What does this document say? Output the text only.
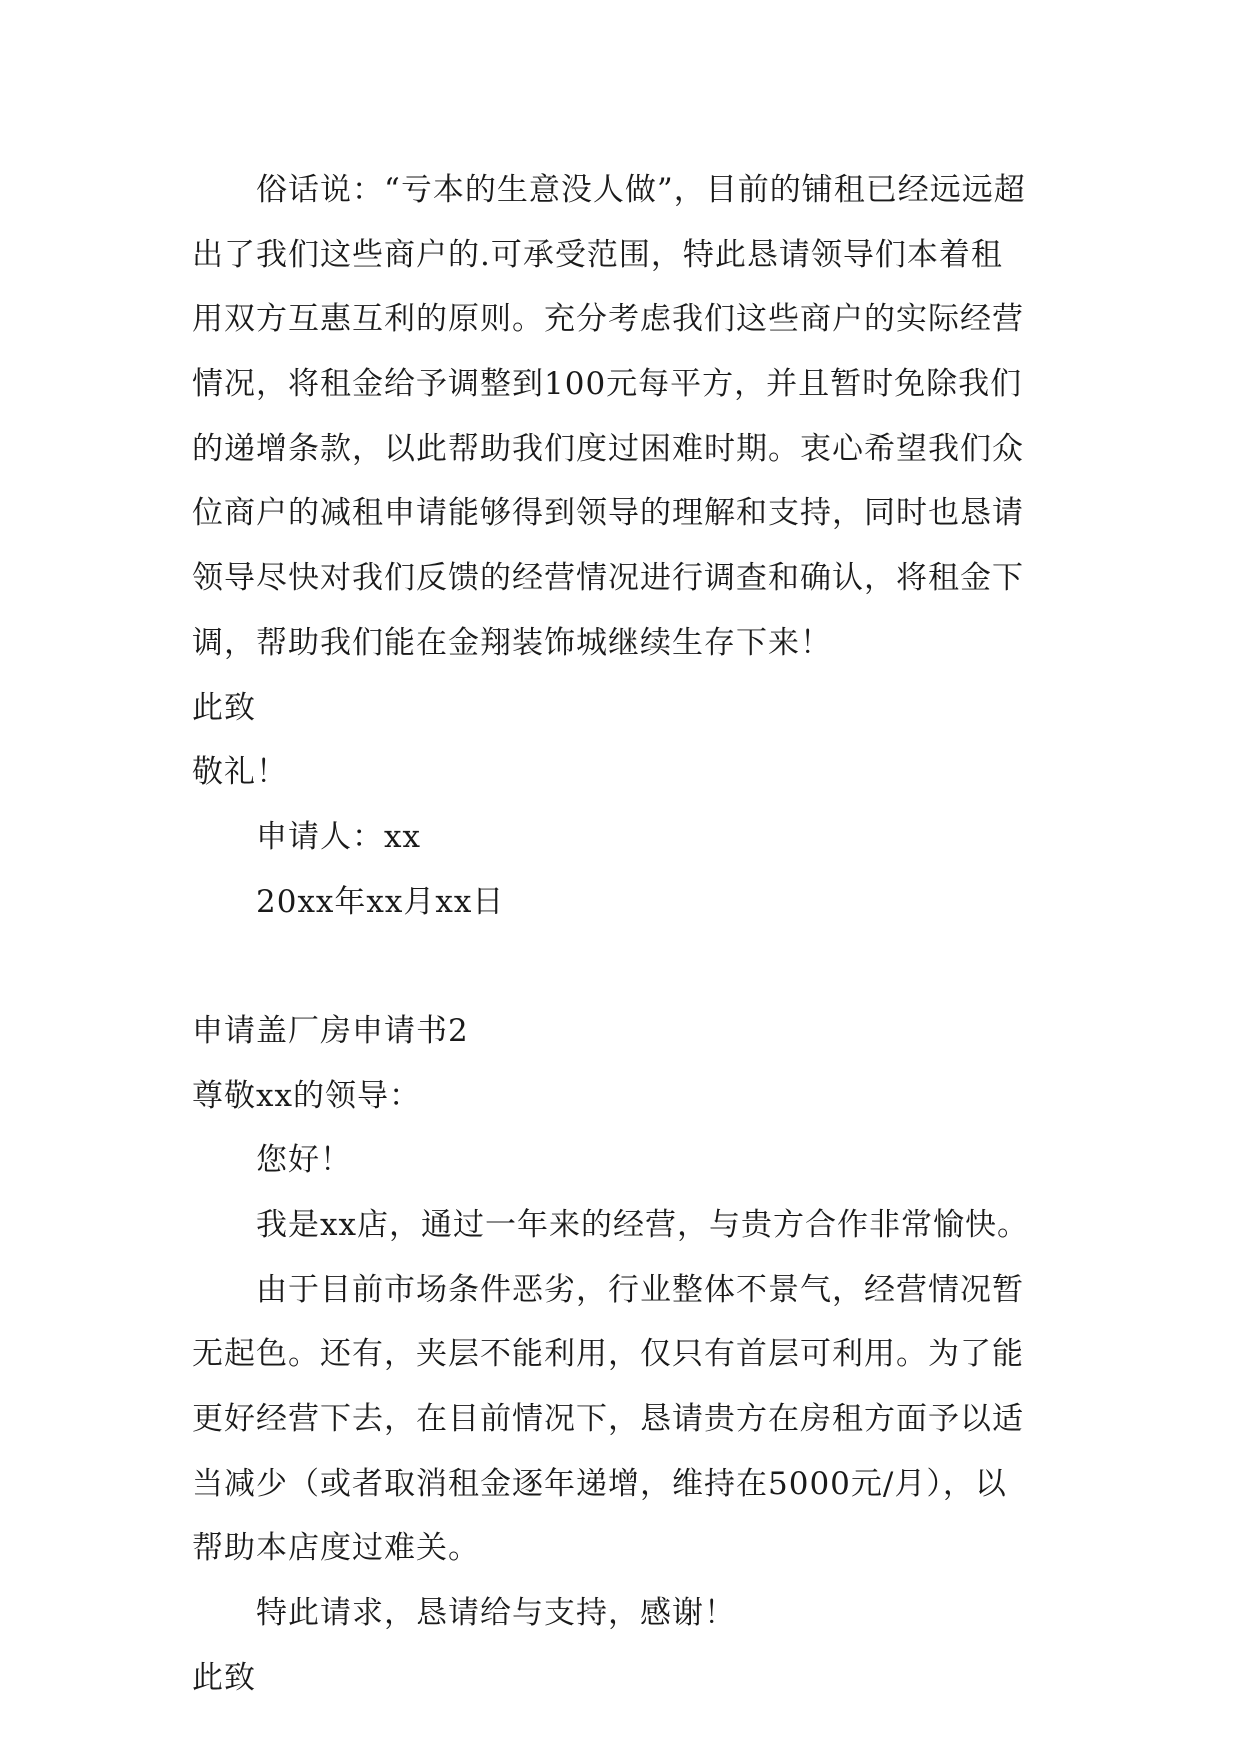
俗话说：“亏本的生意没人做”，目前的铺租已经远远超
出了我们这些商户的.可承受范围，特此恳请领导们本着租
用双方互惠互利的原则。充分考虑我们这些商户的实际经营
情况，将租金给予调整到100元每平方，并且暂时免除我们
的递增条款，以此帮助我们度过困难时期。衷心希望我们众
位商户的减租申请能够得到领导的理解和支持，同时也恳请
领导尽快对我们反馈的经营情况进行调查和确认，将租金下
调，帮助我们能在金翔装饰城继续生存下来！
此致
敬礼！
申请人：xx
20xx年xx月xx日
申请盖厂房申请书2
尊敬xx的领导：
您好！
我是xx店，通过一年来的经营，与贵方合作非常愉快。
由于目前市场条件恶劣，行业整体不景气，经营情况暂
无起色。还有，夹层不能利用，仅只有首层可利用。为了能
更好经营下去，在目前情况下，恳请贵方在房租方面予以适
当减少（或者取消租金逐年递增，维持在5000元/月），以
帮助本店度过难关。
特此请求，恳请给与支持，感谢！
此致
